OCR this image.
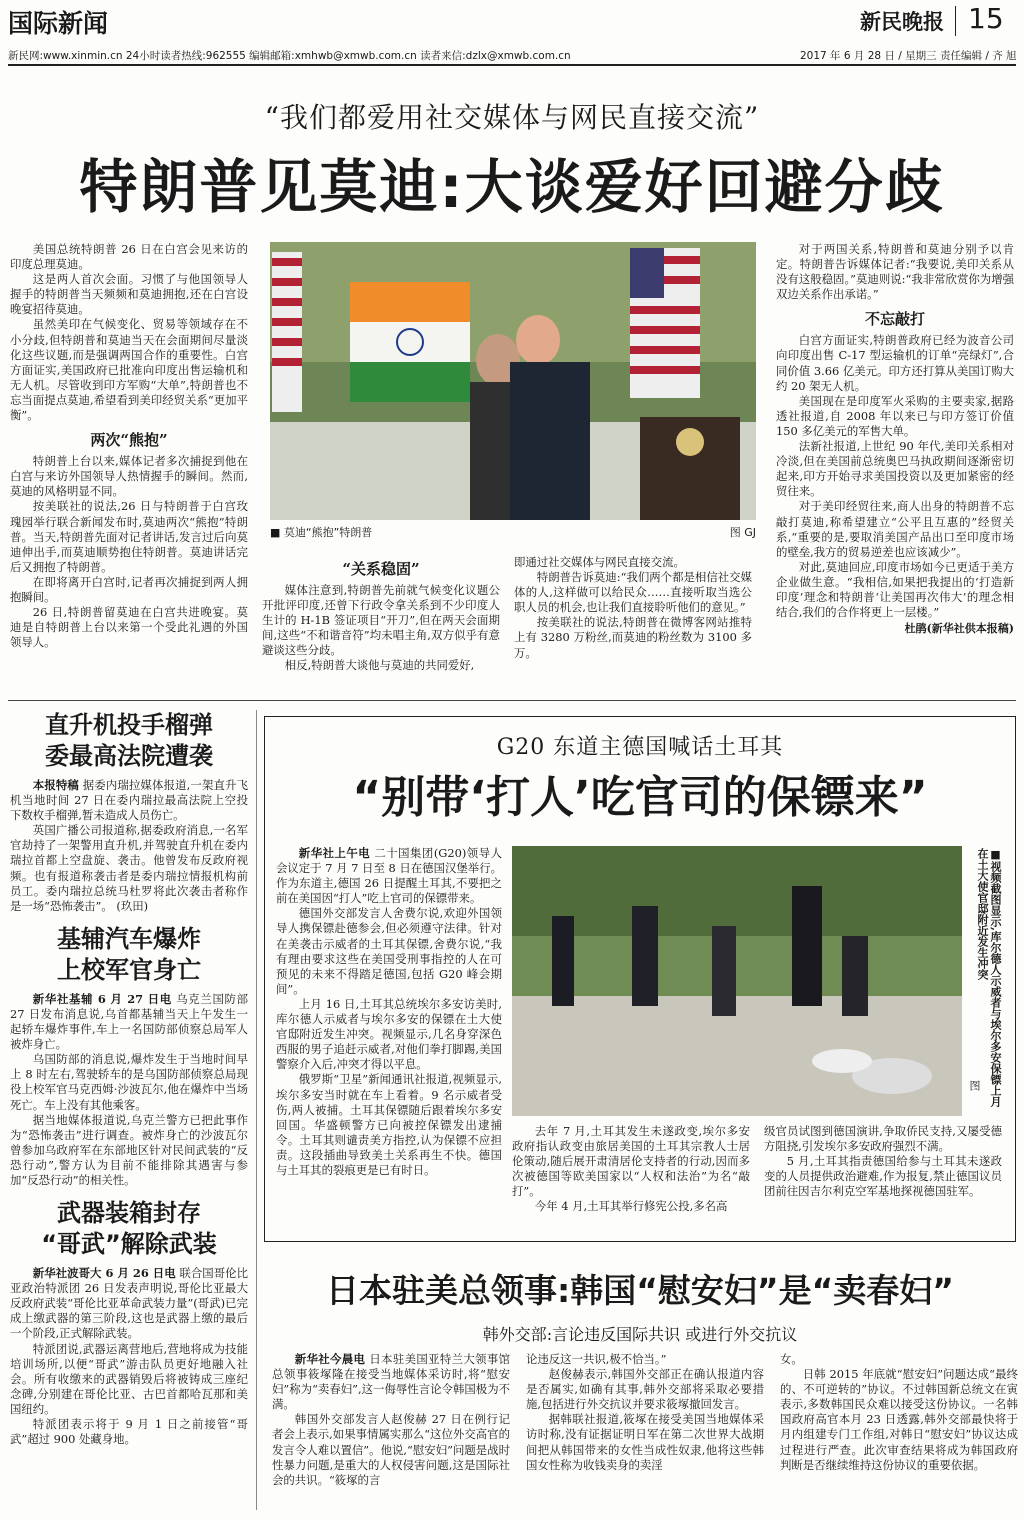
国际新闻	新民晚报 15
新民网:www.xinmin.cn 24小时读者热线:962555 编辑邮箱:xmhwb@xmwb.com.cn 读者来信:dzlx@xmwb.com.cn	2017 年 6 月 28 日 / 星期三 责任编辑 / 齐 旭
“我们都爱用社交媒体与网民直接交流”
特朗普见莫迪:大谈爱好回避分歧

美国总统特朗普 26 日在白宫会见来访的印度总理莫迪。

这是两人首次会面。习惯了与他国领导人握手的特朗普当天频频和莫迪拥抱,还在白宫设晚宴招待莫迪。

虽然美印在气候变化、贸易等领域存在不小分歧,但特朗普和莫迪当天在会面期间尽量淡化这些议题,而是强调两国合作的重要性。白宫方面证实,美国政府已批准向印度出售运输机和无人机。尽管收到印方军购“大单”,特朗普也不忘当面提点莫迪,希望看到美印经贸关系“更加平衡”。

两次“熊抱”

特朗普上台以来,媒体记者多次捕捉到他在白宫与来访外国领导人热情握手的瞬间。然而,莫迪的风格明显不同。

按美联社的说法,26 日与特朗普于白宫玫瑰园举行联合新闻发布时,莫迪两次“熊抱”特朗普。当天,特朗普先面对记者讲话,发言过后向莫迪伸出手,而莫迪顺势抱住特朗普。莫迪讲话完后又拥抱了特朗普。

在即将离开白宫时,记者再次捕捉到两人拥抱瞬间。

26 日,特朗普留莫迪在白宫共进晚宴。莫迪是自特朗普上台以来第一个受此礼遇的外国领导人。

■ 莫迪“熊抱”特朗普	图 GJ
“关系稳固”

媒体注意到,特朗普先前就气候变化议题公开批评印度,还曾下行政令拿关系到不少印度人生计的 H-1B 签证项目“开刀”,但在两天会面期间,这些“不和谐音符”均未唱主角,双方似乎有意避谈这些分歧。

相反,特朗普大谈他与莫迪的共同爱好,

即通过社交媒体与网民直接交流。

特朗普告诉莫迪:“我们两个都是相信社交媒体的人,这样做可以给民众……直接听取当选公职人员的机会,也让我们直接聆听他们的意见。”

按美联社的说法,特朗普在微博客网站推特上有 3280 万粉丝,而莫迪的粉丝数为 3100 多万。

对于两国关系,特朗普和莫迪分别予以肯定。特朗普告诉媒体记者:“我要说,美印关系从没有这般稳固。”莫迪则说:“我非常欣赏你为增强双边关系作出承诺。”

不忘敲打

白宫方面证实,特朗普政府已经为波音公司向印度出售 C-17 型运输机的订单“亮绿灯”,合同价值 3.66 亿美元。印方还打算从美国订购大约 20 架无人机。

美国现在是印度军火采购的主要卖家,据路透社报道,自 2008 年以来已与印方签订价值 150 多亿美元的军售大单。

法新社报道,上世纪 90 年代,美印关系相对冷淡,但在美国前总统奥巴马执政期间逐渐密切起来,印方开始寻求美国投资以及更加紧密的经贸往来。

对于美印经贸往来,商人出身的特朗普不忘敲打莫迪,称希望建立“公平且互惠的”经贸关系,“重要的是,要取消美国产品出口至印度市场的壁垒,我方的贸易逆差也应该减少”。

对此,莫迪回应,印度市场如今已更适于美方企业做生意。“我相信,如果把我提出的‘打造新印度’理念和特朗普‘让美国再次伟大’的理念相结合,我们的合作将更上一层楼。”

杜鹃(新华社供本报稿)
直升机投手榴弹
委最高法院遭袭

本报特稿 据委内瑞拉媒体报道,一架直升飞机当地时间 27 日在委内瑞拉最高法院上空投下数枚手榴弹,暂未造成人员伤亡。

英国广播公司报道称,据委政府消息,一名军官劫持了一架警用直升机,并驾驶直升机在委内瑞拉首都上空盘旋、袭击。他曾发布反政府视频。也有报道称袭击者是委内瑞拉情报机构前员工。委内瑞拉总统马杜罗将此次袭击者称作是一场“恐怖袭击”。 (玖田)

基辅汽车爆炸
上校军官身亡

新华社基辅 6 月 27 日电 乌克兰国防部 27 日发布消息说,乌首都基辅当天上午发生一起轿车爆炸事件,车上一名国防部侦察总局军人被炸身亡。

乌国防部的消息说,爆炸发生于当地时间早上 8 时左右,驾驶轿车的是乌国防部侦察总局现役上校军官马克西姆·沙波瓦尔,他在爆炸中当场死亡。车上没有其他乘客。

据当地媒体报道说,乌克兰警方已把此事作为“恐怖袭击”进行调查。被炸身亡的沙波瓦尔曾参加乌政府军在东部地区针对民间武装的“反恐行动”,警方认为目前不能排除其遇害与参加“反恐行动”的相关性。

武器装箱封存
“哥武”解除武装

新华社波哥大 6 月 26 日电 联合国哥伦比亚政治特派团 26 日发表声明说,哥伦比亚最大反政府武装“哥伦比亚革命武装力量”(哥武)已完成上缴武器的第三阶段,这也是武器上缴的最后一个阶段,正式解除武装。

特派团说,武器运离营地后,营地将成为技能培训场所,以便“哥武”游击队员更好地融入社会。所有收缴来的武器销毁后将被铸成三座纪念碑,分别建在哥伦比亚、古巴首都哈瓦那和美国纽约。

特派团表示将于 9 月 1 日之前接管“哥武”超过 900 处藏身地。

G20 东道主德国喊话土耳其
“别带‘打人’吃官司的保镖来”

新华社上午电 二十国集团(G20)领导人会议定于 7 月 7 日至 8 日在德国汉堡举行。作为东道主,德国 26 日提醒土耳其,不要把之前在美国因“打人”吃上官司的保镖带来。

德国外交部发言人舍费尔说,欢迎外国领导人携保镖赴德参会,但必须遵守法律。针对在美袭击示威者的土耳其保镖,舍费尔说,“我有理由要求这些在美国受刑事指控的人在可预见的未来不得踏足德国,包括 G20 峰会期间”。

上月 16 日,土耳其总统埃尔多安访美时,库尔德人示威者与埃尔多安的保镖在土大使官邸附近发生冲突。视频显示,几名身穿深色西服的男子追赶示威者,对他们拳打脚踢,美国警察介入后,冲突才得以平息。

俄罗斯“卫星”新闻通讯社报道,视频显示,埃尔多安当时就在车上看着。9 名示威者受伤,两人被捕。土耳其保镖随后跟着埃尔多安回国。华盛顿警方已向被控保镖发出逮捕令。土耳其则谴责美方指控,认为保镖不应担责。这段插曲导致美土关系再生不快。德国与土耳其的裂痕更是已有时日。

■视频截图显示,库尔德人示威者与埃尔多安保镖上月在土大使官邸附近发生冲突
图

去年 7 月,土耳其发生未遂政变,埃尔多安政府指认政变由旅居美国的土耳其宗教人士居伦策动,随后展开肃清居伦支持者的行动,因而多次被德国等欧美国家以“人权和法治”为名“敲打”。

今年 4 月,土耳其举行修宪公投,多名高

级官员试图到德国演讲,争取侨民支持,又屡受德方阻挠,引发埃尔多安政府强烈不满。

5 月,土耳其指责德国给参与土耳其未遂政变的人员提供政治避难,作为报复,禁止德国议员团前往因吉尔利克空军基地探视德国驻军。

日本驻美总领事:韩国“慰安妇”是“卖春妇”
韩外交部:言论违反国际共识 或进行外交抗议

新华社今晨电 日本驻美国亚特兰大领事馆总领事筱塚隆在接受当地媒体采访时,将“慰安妇”称为“卖春妇”,这一侮辱性言论令韩国极为不满。

韩国外交部发言人赵俊赫 27 日在例行记者会上表示,如果事情属实那么“这位外交高官的发言令人难以置信”。他说,“慰安妇”问题是战时性暴力问题,是重大的人权侵害问题,这是国际社会的共识。“筱塚的言

论违反这一共识,极不恰当。”

赵俊赫表示,韩国外交部正在确认报道内容是否属实,如确有其事,韩外交部将采取必要措施,包括进行外交抗议并要求筱塚撤回发言。

据韩联社报道,筱塚在接受美国当地媒体采访时称,没有证据证明日军在第二次世界大战期间把从韩国带来的女性当成性奴隶,他将这些韩国女性称为收钱卖身的卖淫

女。

日韩 2015 年底就“慰安妇”问题达成“最终的、不可逆转的”协议。不过韩国新总统文在寅表示,多数韩国民众难以接受这份协议。一名韩国政府高官本月 23 日透露,韩外交部最快将于月内组建专门工作组,对韩日“慰安妇”协议达成过程进行严查。此次审查结果将成为韩国政府判断是否继续维持这份协议的重要依据。
